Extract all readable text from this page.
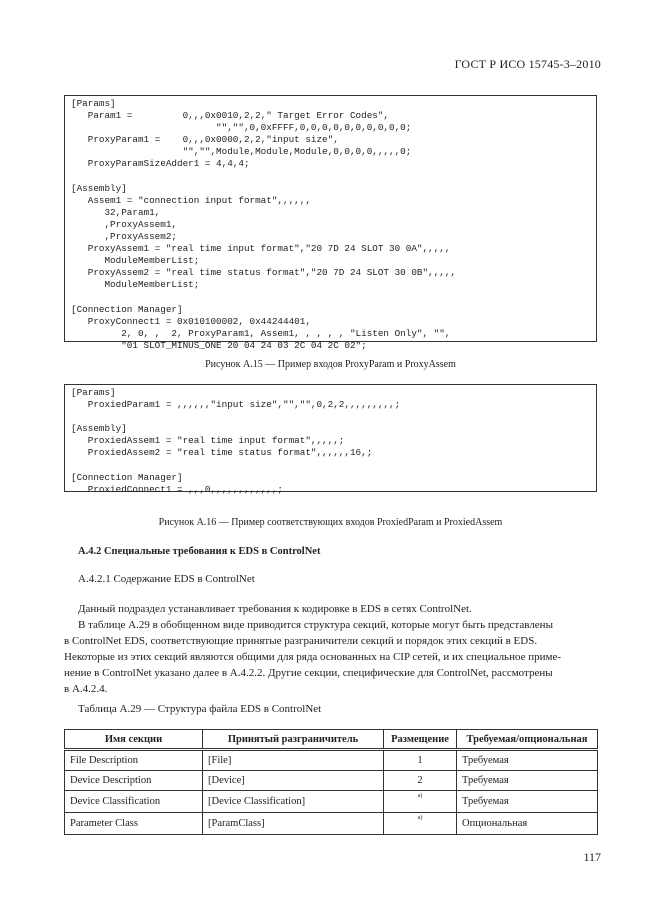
ГОСТ Р ИСО 15745-3–2010
[Params]
Param1 =         0,,,0x0010,2,2," Target Error Codes",
"","",0,0xFFFF,0,0,0,0,0,0,0,0,0,0;
ProxyParam1 =    0,,,0x0000,2,2,"input size",
"","",Module,Module,Module,0,0,0,0,,,,,0;
ProxyParamSizeAdder1 = 4,4,4;

[Assembly]
Assem1 = "connection input format",,,,,,
32,Param1,
,ProxyAssem1,
,ProxyAssem2;
ProxyAssem1 = "real time input format","20 7D 24 SLOT 30 0A",,,,,
ModuleMemberList;
ProxyAssem2 = "real time status format","20 7D 24 SLOT 30 0B",,,,,
ModuleMemberList;

[Connection Manager]
ProxyConnect1 = 0x010100002, 0x44244401,
2, 0, ,  2, ProxyParam1, Assem1, , , , , "Listen Only", "",
"01 SLOT_MINUS_ONE 20 04 24 03 2C 04 2C 02";
Рисунок А.15 — Пример входов ProxyParam и ProxyAssem
[Params]
ProxiedParam1 = ,,,,,,"input size","","",0,2,2,,,,,,,,,;

[Assembly]
ProxiedAssem1 = "real time input format",,,,,;
ProxiedAssem2 = "real time status format",,,,,,16,;

[Connection Manager]
ProxiedConnect1 = ,,,0,,,,,,,,,,,,;
Рисунок А.16 — Пример соответствующих входов ProxiedParam и ProxiedAssem
А.4.2 Специальные требования к EDS в ControlNet
А.4.2.1 Содержание EDS в ControlNet
Данный подраздел устанавливает требования к кодировке в EDS в сетях ControlNet.
В таблице А.29 в обобщенном виде приводится структура секций, которые могут быть представлены
в ControlNet EDS, соответствующие принятые разграничители секций и порядок этих секций в EDS.
Некоторые из этих секций являются общими для ряда основанных на CIP сетей, и их специальное приме-
нение в ControlNet указано далее в А.4.2.2. Другие секции, специфические для ControlNet, рассмотрены
в А.4.2.4.
Таблица А.29 — Структура файла EDS в ControlNet
Имя секции	Принятый разграничитель	Размещение	Требуемая/опциональная
File Description	[File]	1	Требуемая
Device Description	[Device]	2	Требуемая
Device Classification	[Device Classification]	а)	Требуемая
Parameter Class	[ParamClass]	а)	Опциональная
117
